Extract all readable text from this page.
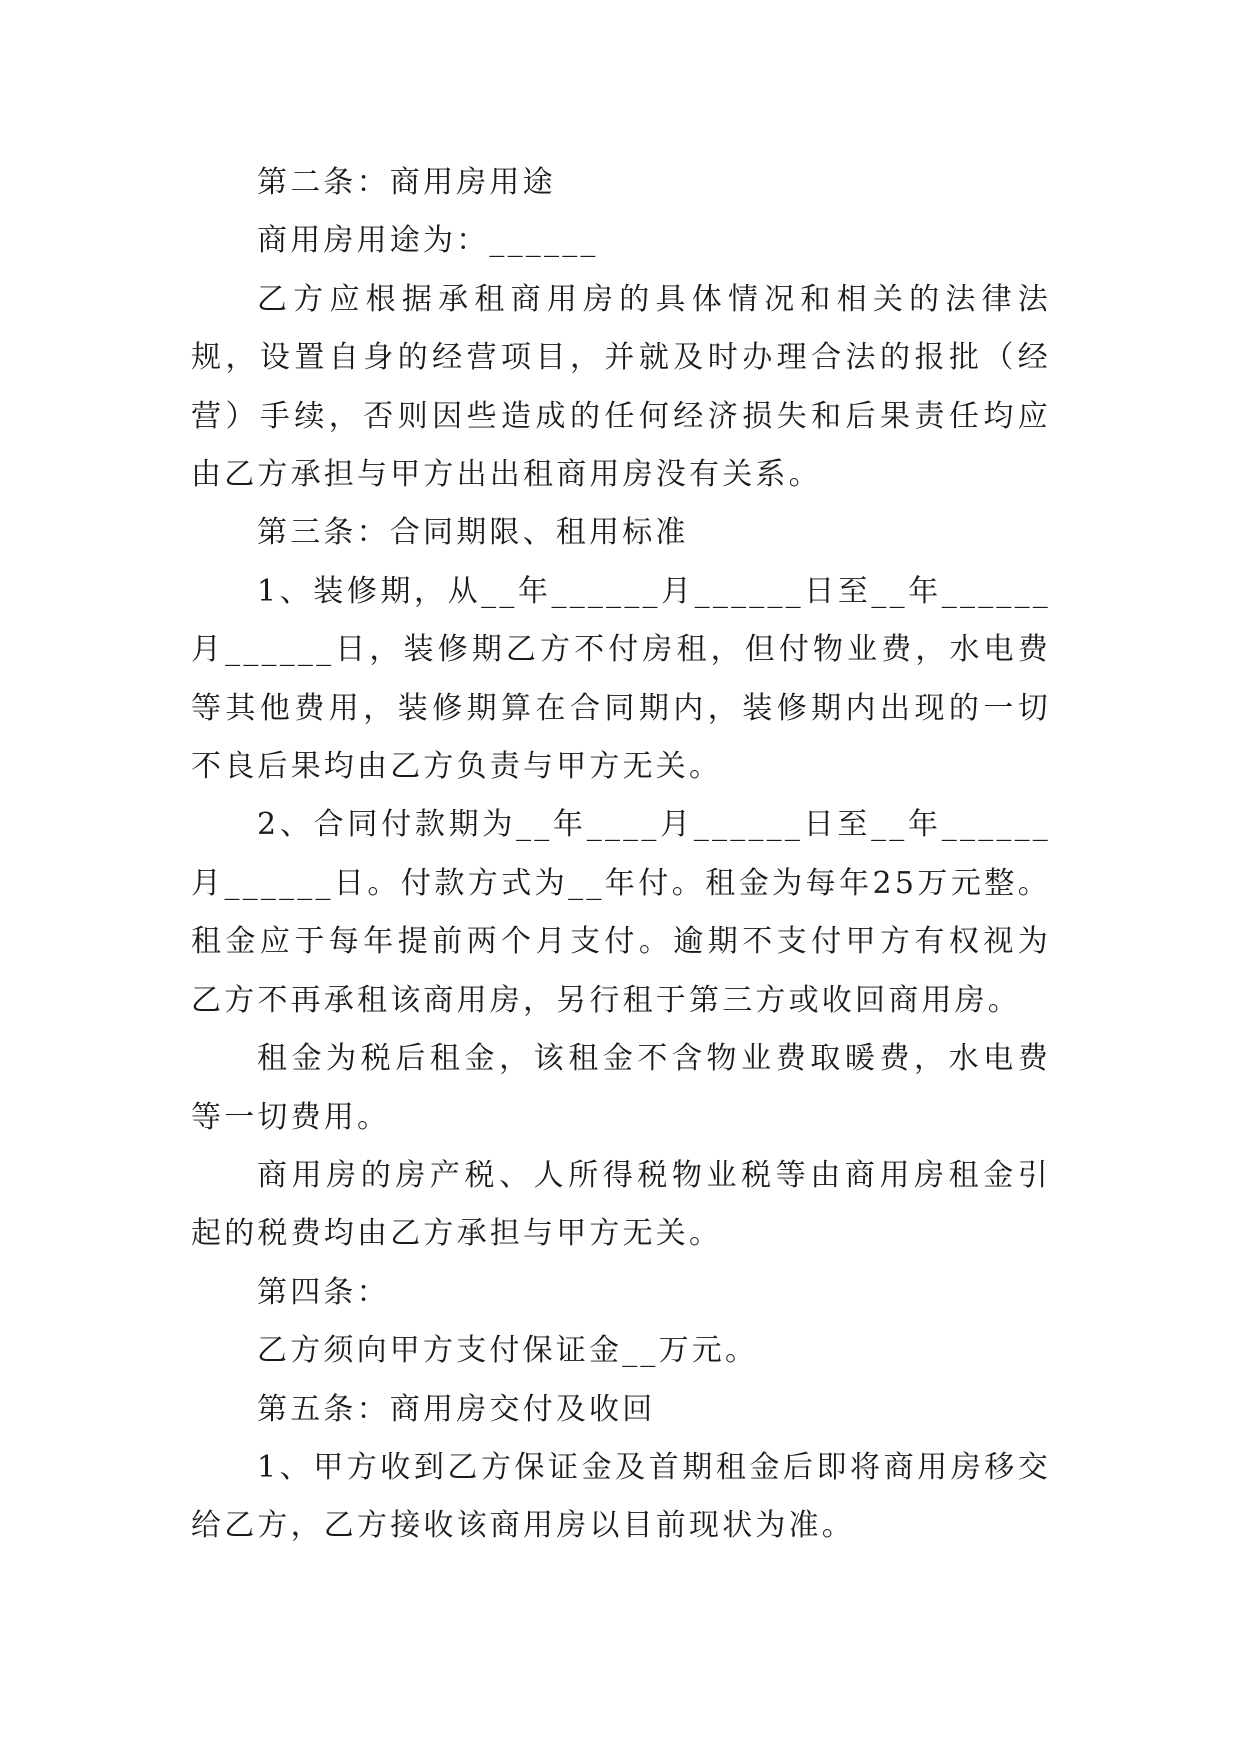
第二条：商用房用途

商用房用途为：______

乙方应根据承租商用房的具体情况和相关的法律法规，设置自身的经营项目，并就及时办理合法的报批（经营）手续，否则因些造成的任何经济损失和后果责任均应由乙方承担与甲方出出租商用房没有关系。

第三条：合同期限、租用标准

1、装修期，从__年______月______日至__年______月______日，装修期乙方不付房租，但付物业费，水电费等其他费用，装修期算在合同期内，装修期内出现的一切不良后果均由乙方负责与甲方无关。

2、合同付款期为__年____月______日至__年______月______日。付款方式为__年付。租金为每年25万元整。租金应于每年提前两个月支付。逾期不支付甲方有权视为乙方不再承租该商用房，另行租于第三方或收回商用房。

租金为税后租金，该租金不含物业费取暖费，水电费等一切费用。

商用房的房产税、人所得税物业税等由商用房租金引起的税费均由乙方承担与甲方无关。

第四条：

乙方须向甲方支付保证金__万元。

第五条：商用房交付及收回

1、甲方收到乙方保证金及首期租金后即将商用房移交给乙方，乙方接收该商用房以目前现状为准。
